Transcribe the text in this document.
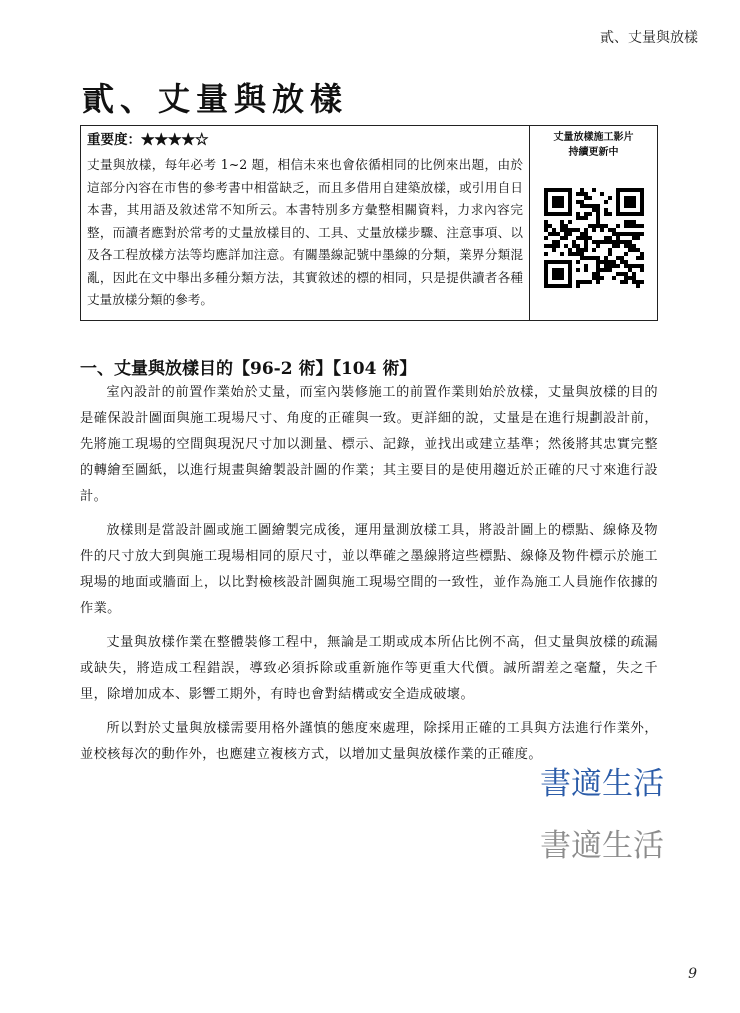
貳、丈量與放樣
貳、丈量與放樣
重要度：★★★★☆

丈量與放樣，每年必考 1~2 題，相信未來也會依循相同的比例來出題，由於這部分內容在市售的參考書中相當缺乏，而且多借用自建築放樣，或引用自日本書，其用語及敘述常不知所云。本書特別多方彙整相關資料，力求內容完整，而讀者應對於常考的丈量放樣目的、工具、丈量放樣步驟、注意事項、以及各工程放樣方法等均應詳加注意。有關墨線記號中墨線的分類，業界分類混亂，因此在文中舉出多種分類方法，其實敘述的標的相同，只是提供讀者各種丈量放樣分類的參考。

丈量放樣施工影片
持續更新中
一、丈量與放樣目的【96-2 術】【104 術】

室內設計的前置作業始於丈量，而室內裝修施工的前置作業則始於放樣，丈量與放樣的目的是確保設計圖面與施工現場尺寸、角度的正確與一致。更詳細的說，丈量是在進行規劃設計前，先將施工現場的空間與現況尺寸加以測量、標示、記錄，並找出或建立基準；然後將其忠實完整的轉繪至圖紙，以進行規畫與繪製設計圖的作業；其主要目的是使用趨近於正確的尺寸來進行設計。

放樣則是當設計圖或施工圖繪製完成後，運用量測放樣工具，將設計圖上的標點、線條及物件的尺寸放大到與施工現場相同的原尺寸，並以準確之墨線將這些標點、線條及物件標示於施工現場的地面或牆面上，以比對檢核設計圖與施工現場空間的一致性，並作為施工人員施作依據的作業。

丈量與放樣作業在整體裝修工程中，無論是工期或成本所佔比例不高，但丈量與放樣的疏漏或缺失，將造成工程錯誤，導致必須拆除或重新施作等更重大代價。誠所謂差之毫釐，失之千里，除增加成本、影響工期外，有時也會對結構或安全造成破壞。

所以對於丈量與放樣需要用格外謹慎的態度來處理，除採用正確的工具與方法進行作業外，並校核每次的動作外，也應建立複核方式，以增加丈量與放樣作業的正確度。

書適生活
書適生活
9
